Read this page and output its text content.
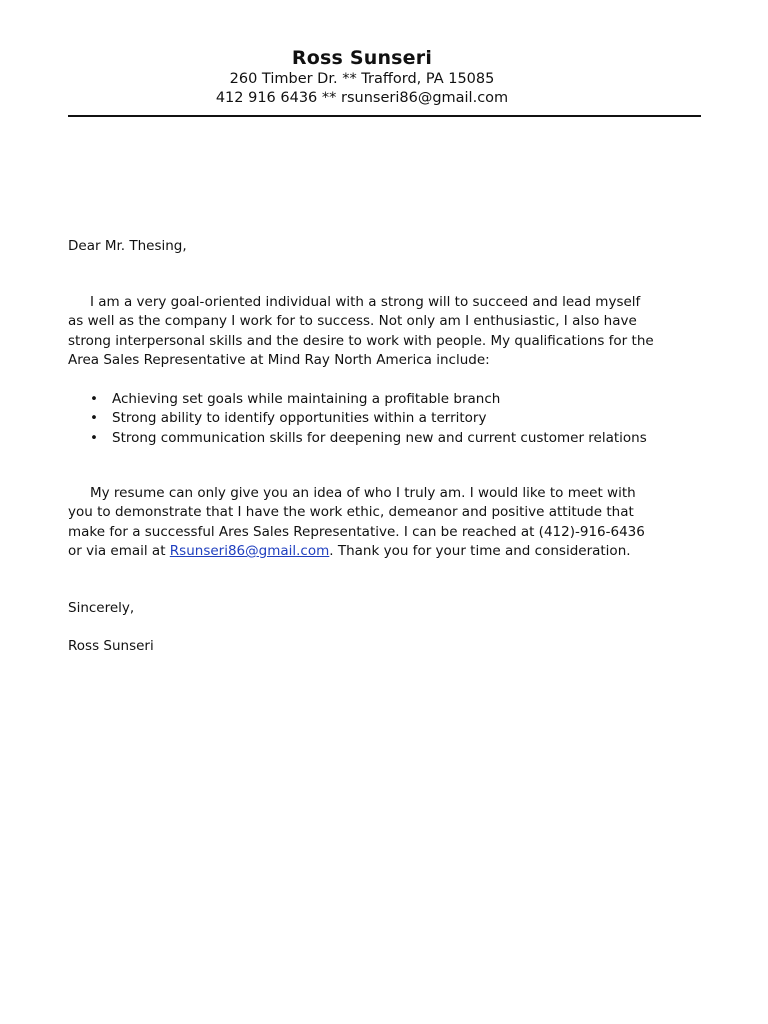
Ross Sunseri
260 Timber Dr. ** Trafford, PA 15085
412 916 6436 ** rsunseri86@gmail.com
Dear Mr. Thesing,
I am a very goal-oriented individual with a strong will to succeed and lead myself as well as the company I work for to success. Not only am I enthusiastic, I also have strong interpersonal skills and the desire to work with people. My qualifications for the Area Sales Representative at Mind Ray North America include:
• Achieving set goals while maintaining a profitable branch
• Strong ability to identify opportunities within a territory
• Strong communication skills for deepening new and current customer relations
My resume can only give you an idea of who I truly am. I would like to meet with you to demonstrate that I have the work ethic, demeanor and positive attitude that make for a successful Ares Sales Representative. I can be reached at (412)-916-6436 or via email at Rsunseri86@gmail.com. Thank you for your time and consideration.
Sincerely,
Ross Sunseri
